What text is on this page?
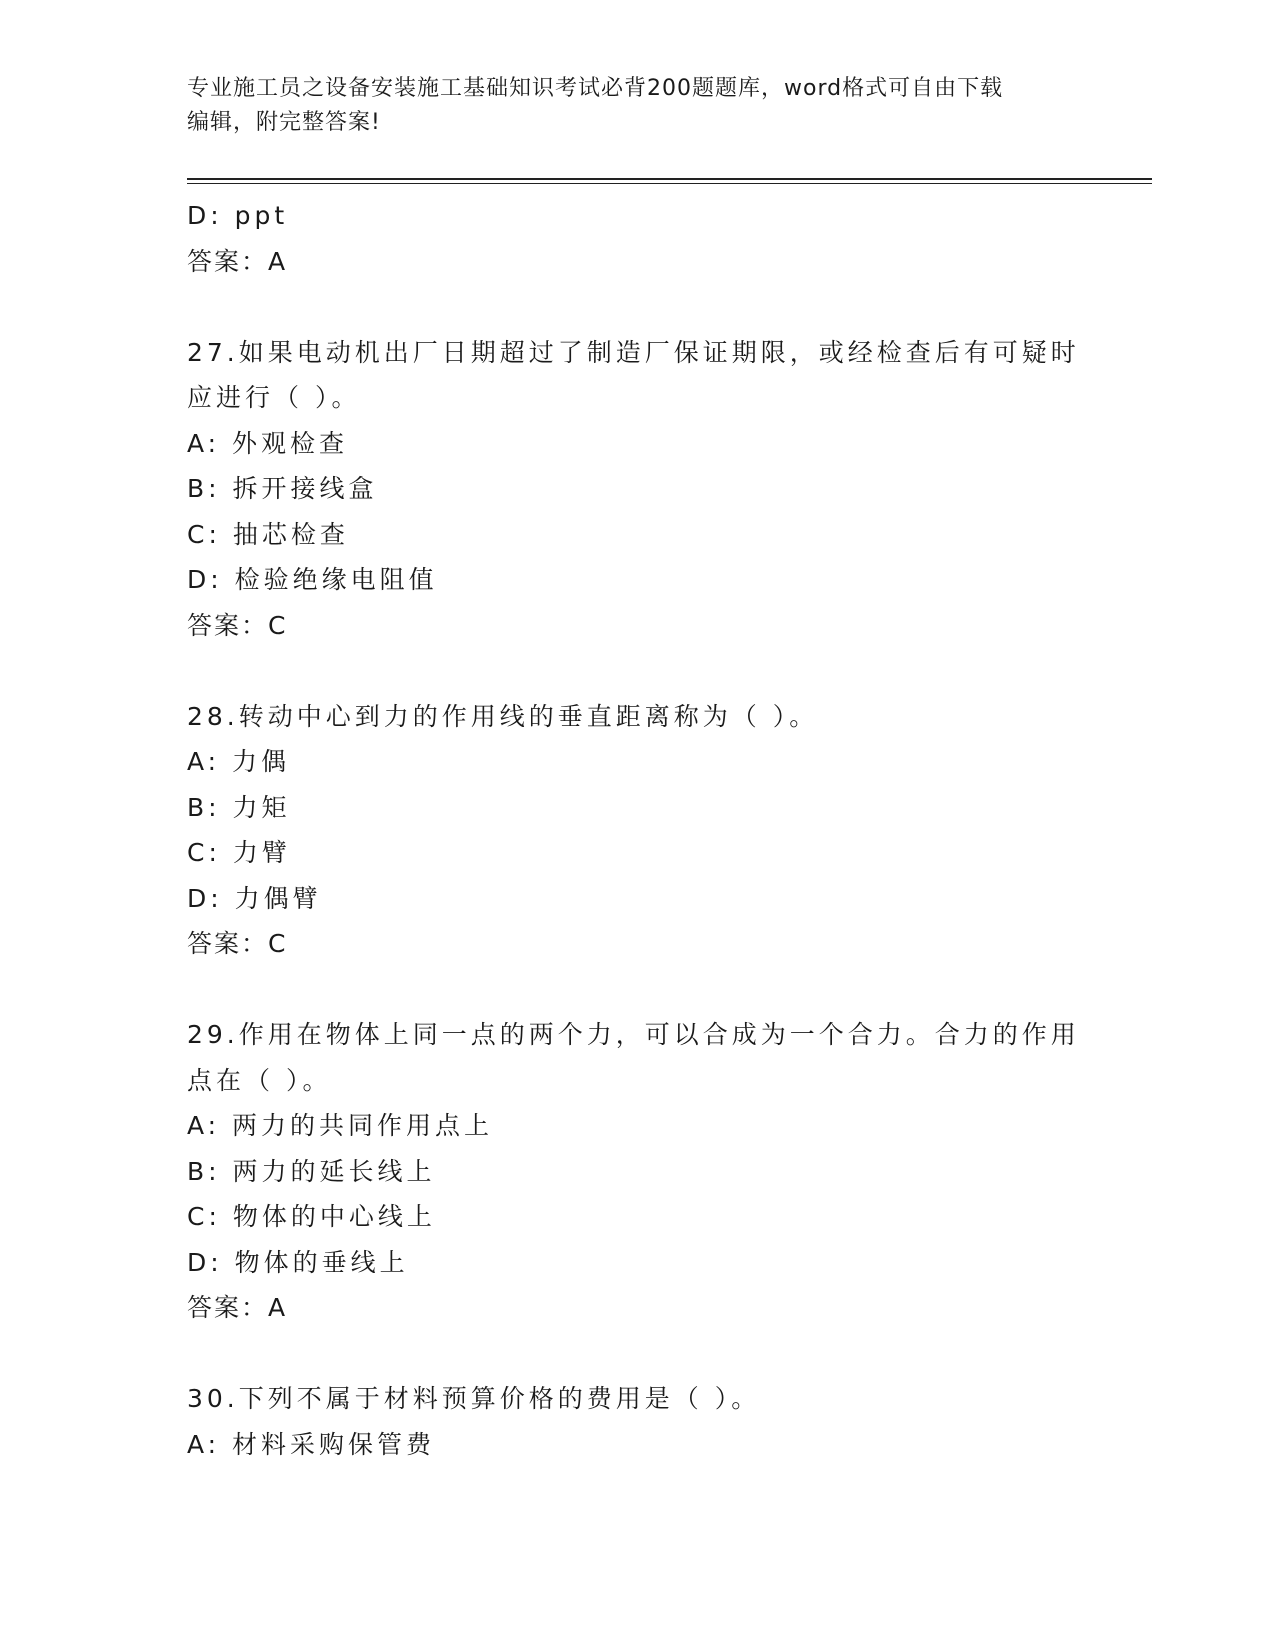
专业施工员之设备安装施工基础知识考试必背200题题库，word格式可自由下载
编辑，附完整答案!
D: ppt
答案：A
27.如果电动机出厂日期超过了制造厂保证期限，或经检查后有可疑时
应进行（ ）。
A: 外观检查
B: 拆开接线盒
C: 抽芯检查
D: 检验绝缘电阻值
答案：C
28.转动中心到力的作用线的垂直距离称为（ ）。
A: 力偶
B: 力矩
C: 力臂
D: 力偶臂
答案：C
29.作用在物体上同一点的两个力，可以合成为一个合力。合力的作用
点在（ ）。
A: 两力的共同作用点上
B: 两力的延长线上
C: 物体的中心线上
D: 物体的垂线上
答案：A
30.下列不属于材料预算价格的费用是（ ）。
A: 材料采购保管费
